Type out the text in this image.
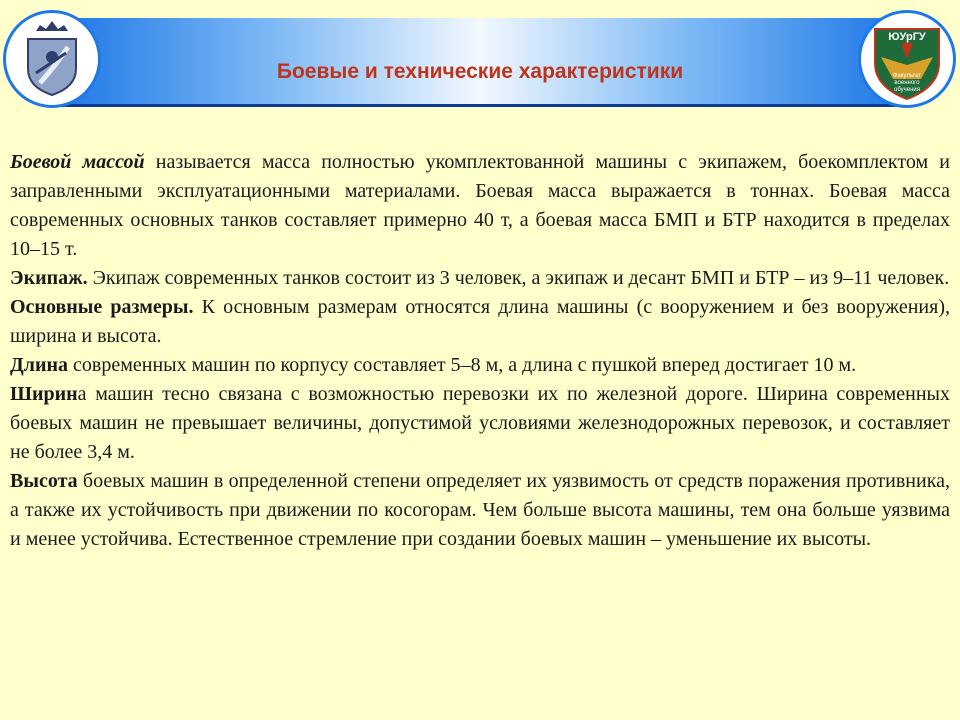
Боевые и технические характеристики
ЮУрГУ
Факультет
военного
обучения

Боевой массой называется масса полностью укомплектованной машины с экипажем, боекомплектом и заправленными эксплуатационными материалами. Боевая масса выражается в тоннах. Боевая масса современных основных танков составляет примерно 40 т, а боевая масса БМП и БТР находится в пределах 10–15 т.

Экипаж. Экипаж современных танков состоит из 3 человек, а экипаж и десант БМП и БТР – из 9–11 человек.

Основные размеры. К основным размерам относятся длина машины (с вооружением и без вооружения), ширина и высота.

Длина современных машин по корпусу составляет 5–8 м, а длина с пушкой вперед достигает 10 м.

Ширина машин тесно связана с возможностью перевозки их по железной дороге. Ширина современных боевых машин не превышает величины, допустимой условиями железнодорожных перевозок, и составляет не более 3,4 м.

Высота боевых машин в определенной степени определяет их уязвимость от средств поражения противника, а также их устойчивость при движении по косогорам. Чем больше высота машины, тем она больше уязвима и менее устойчива. Естественное стремление при создании боевых машин – уменьшение их высоты.
